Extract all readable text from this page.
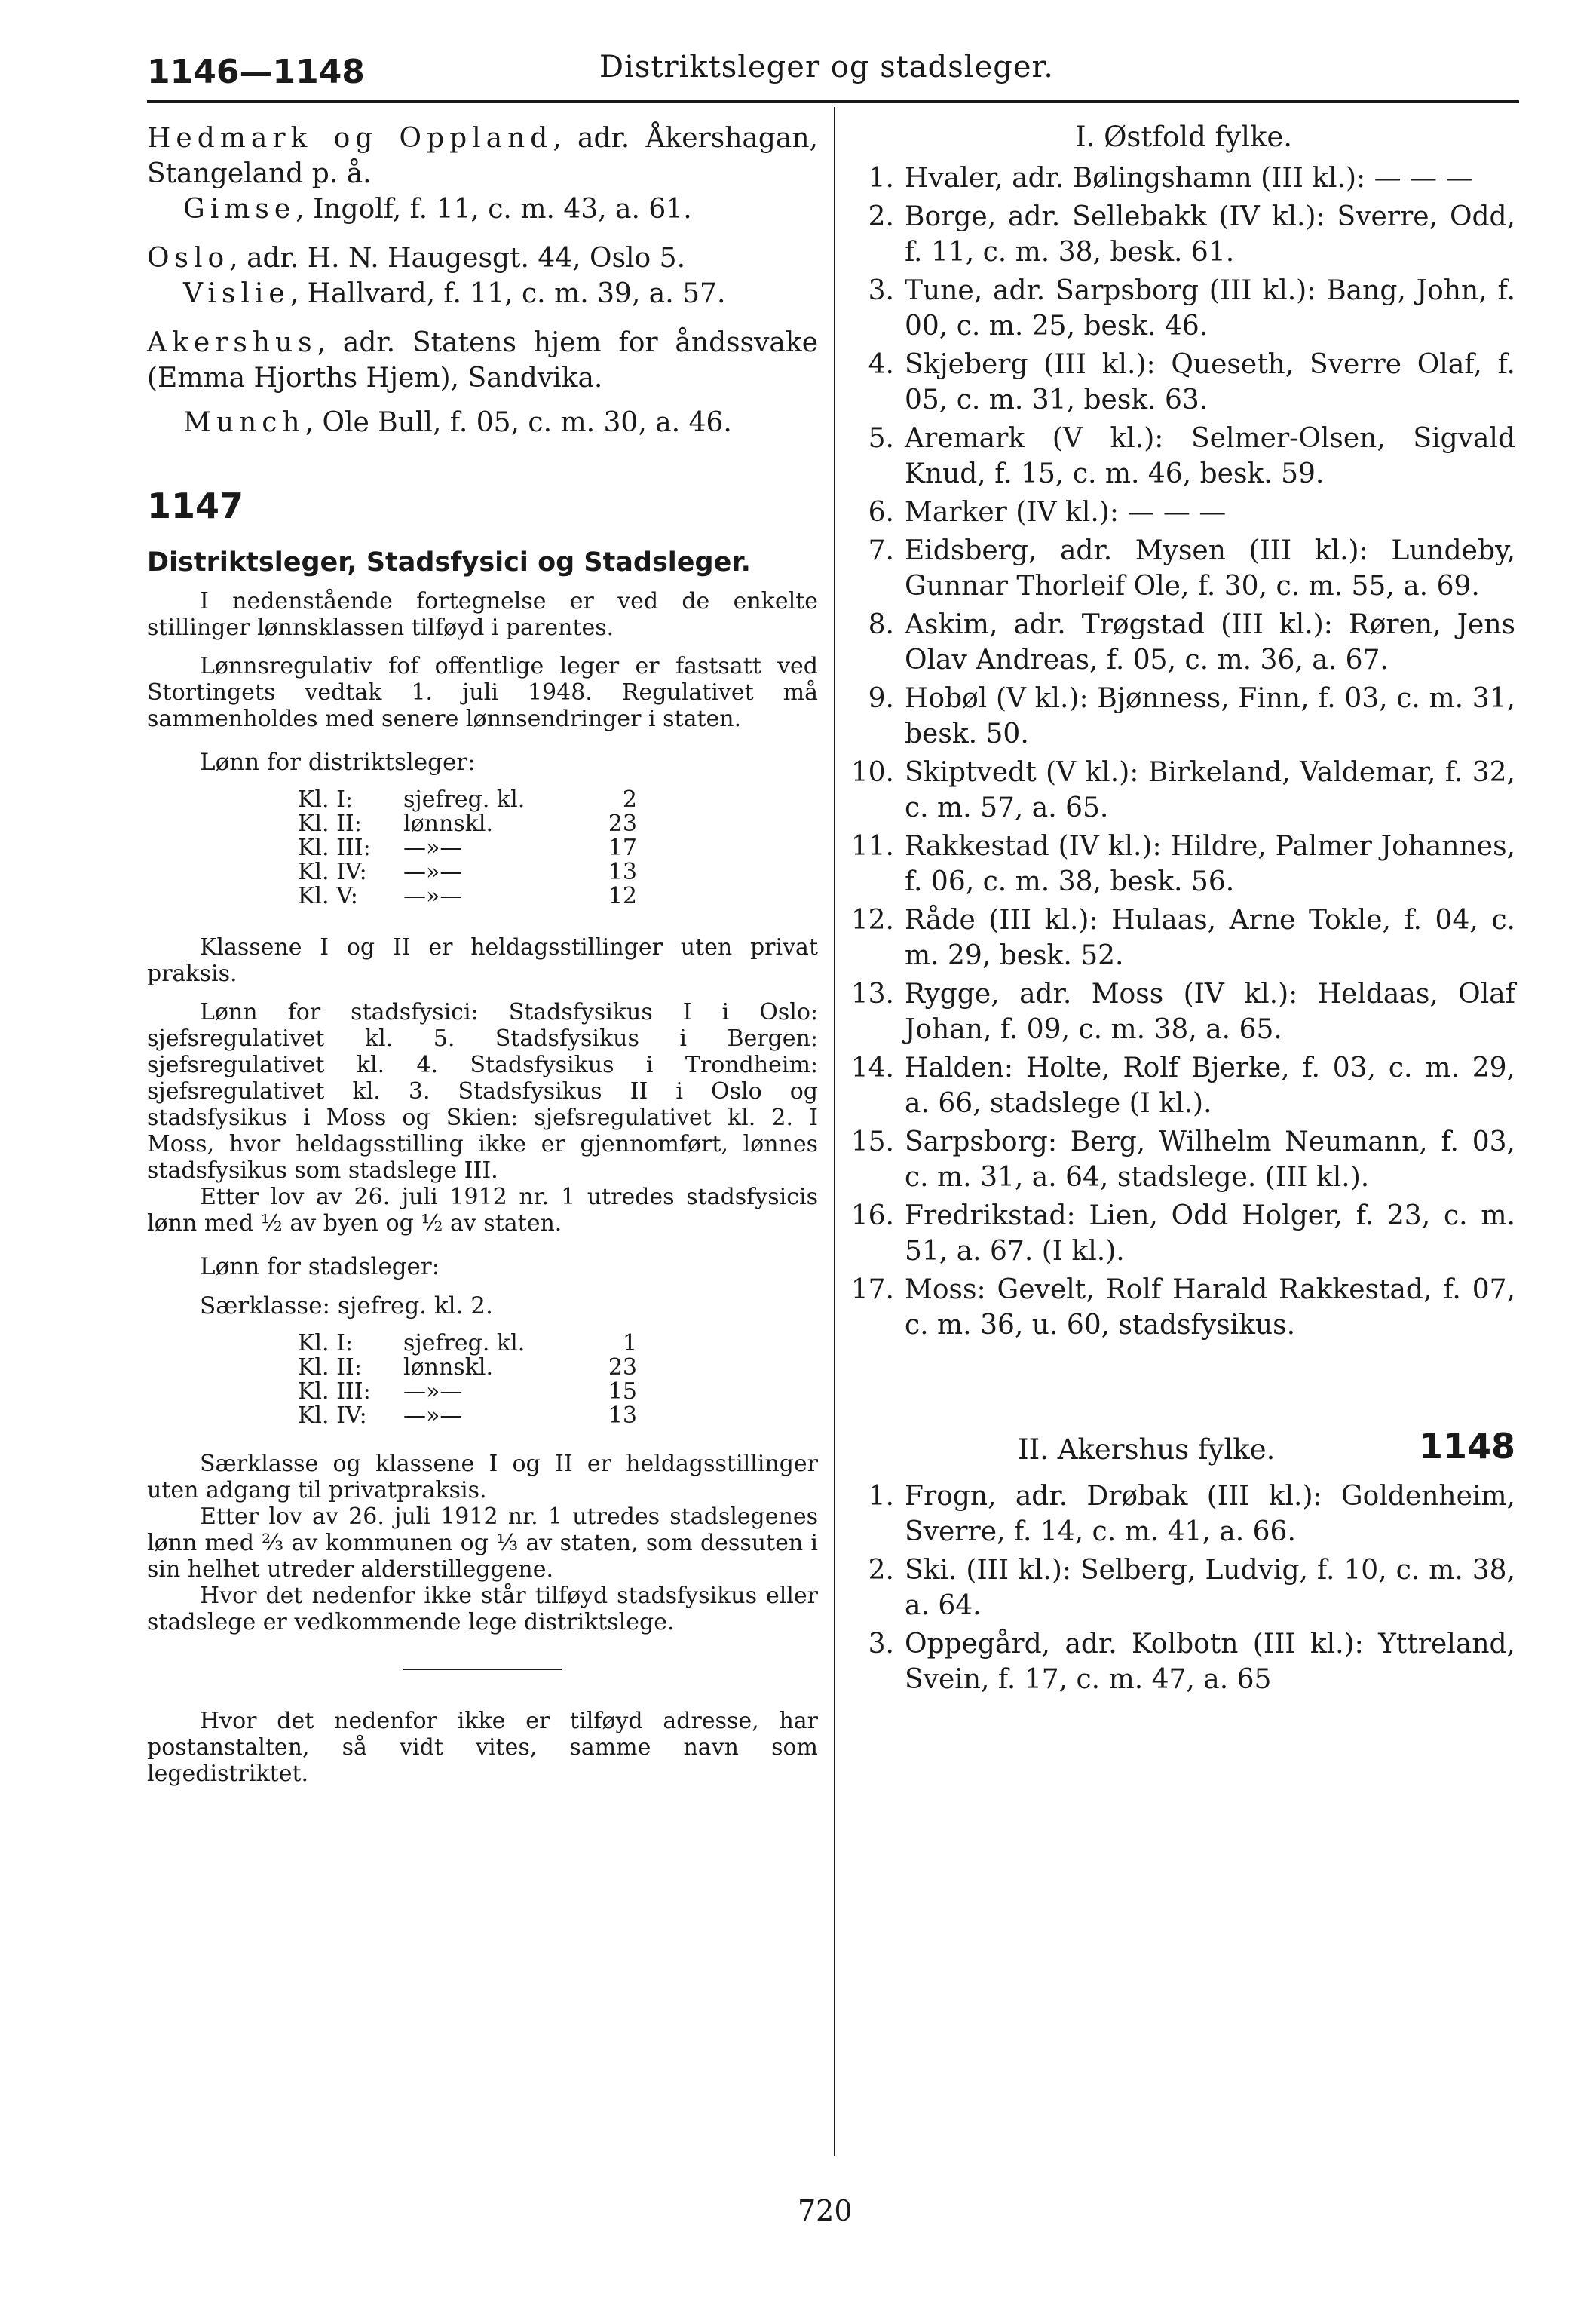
1146—1148	Distriktsleger og stadsleger.

Hedmark og Oppland, adr. Åkershagan, Stangeland p. å.

Gimse, Ingolf, f. 11, c. m. 43, a. 61.

Oslo, adr. H. N. Haugesgt. 44, Oslo 5.

Vislie, Hallvard, f. 11, c. m. 39, a. 57.

Akershus, adr. Statens hjem for åndssvake (Emma Hjorths Hjem), Sandvika.

Munch, Ole Bull, f. 05, c. m. 30, a. 46.

1147
Distriktsleger, Stadsfysici og Stadsleger.

I nedenstående fortegnelse er ved de enkelte stillinger lønnsklassen tilføyd i parentes.

Lønnsregulativ fof offentlige leger er fastsatt ved Stortingets vedtak 1. juli 1948. Regulativet må sammenholdes med senere lønnsendringer i staten.

Lønn for distriktsleger:

Kl. I:	sjefreg. kl.	2
Kl. II:	lønnskl.	23
Kl. III:	—»—	17
Kl. IV:	—»—	13
Kl. V:	—»—	12

Klassene I og II er heldagsstillinger uten privat praksis.

Lønn for stadsfysici: Stadsfysikus I i Oslo: sjefsregulativet kl. 5. Stadsfysikus i Bergen: sjefsregulativet kl. 4. Stadsfysikus i Trondheim: sjefsregulativet kl. 3. Stadsfysikus II i Oslo og stadsfysikus i Moss og Skien: sjefsregulativet kl. 2. I Moss, hvor heldagsstilling ikke er gjennomført, lønnes stadsfysikus som stadslege III.

Etter lov av 26. juli 1912 nr. 1 utredes stadsfysicis lønn med ½ av byen og ½ av staten.

Lønn for stadsleger:

Særklasse: sjefreg. kl. 2.

Kl. I:	sjefreg. kl.	1
Kl. II:	lønnskl.	23
Kl. III:	—»—	15
Kl. IV:	—»—	13

Særklasse og klassene I og II er heldagsstillinger uten adgang til privatpraksis.

Etter lov av 26. juli 1912 nr. 1 utredes stadslegenes lønn med ⅔ av kommunen og ⅓ av staten, som dessuten i sin helhet utreder alderstilleggene.

Hvor det nedenfor ikke står tilføyd stadsfysikus eller stadslege er vedkommende lege distriktslege.

Hvor det nedenfor ikke er tilføyd adresse, har postanstalten, så vidt vites, samme navn som legedistriktet.

I. Østfold fylke.
1. Hvaler, adr. Bølingshamn (III kl.): — — —
2. Borge, adr. Sellebakk (IV kl.): Sverre, Odd, f. 11, c. m. 38, besk. 61.
3. Tune, adr. Sarpsborg (III kl.): Bang, John, f. 00, c. m. 25, besk. 46.
4. Skjeberg (III kl.): Queseth, Sverre Olaf, f. 05, c. m. 31, besk. 63.
5. Aremark (V kl.): Selmer-Olsen, Sigvald Knud, f. 15, c. m. 46, besk. 59.
6. Marker (IV kl.): — — —
7. Eidsberg, adr. Mysen (III kl.): Lundeby, Gunnar Thorleif Ole, f. 30, c. m. 55, a. 69.
8. Askim, adr. Trøgstad (III kl.): Røren, Jens Olav Andreas, f. 05, c. m. 36, a. 67.
9. Hobøl (V kl.): Bjønness, Finn, f. 03, c. m. 31, besk. 50.
10. Skiptvedt (V kl.): Birkeland, Valdemar, f. 32, c. m. 57, a. 65.
11. Rakkestad (IV kl.): Hildre, Palmer Johannes, f. 06, c. m. 38, besk. 56.
12. Råde (III kl.): Hulaas, Arne Tokle, f. 04, c. m. 29, besk. 52.
13. Rygge, adr. Moss (IV kl.): Heldaas, Olaf Johan, f. 09, c. m. 38, a. 65.
14. Halden: Holte, Rolf Bjerke, f. 03, c. m. 29, a. 66, stadslege (I kl.).
15. Sarpsborg: Berg, Wilhelm Neumann, f. 03, c. m. 31, a. 64, stadslege. (III kl.).
16. Fredrikstad: Lien, Odd Holger, f. 23, c. m. 51, a. 67. (I kl.).
17. Moss: Gevelt, Rolf Harald Rakkestad, f. 07, c. m. 36, u. 60, stadsfysikus.
II. Akershus fylke.	1148
1. Frogn, adr. Drøbak (III kl.): Goldenheim, Sverre, f. 14, c. m. 41, a. 66.
2. Ski. (III kl.): Selberg, Ludvig, f. 10, c. m. 38, a. 64.
3. Oppegård, adr. Kolbotn (III kl.): Yttreland, Svein, f. 17, c. m. 47, a. 65
720
